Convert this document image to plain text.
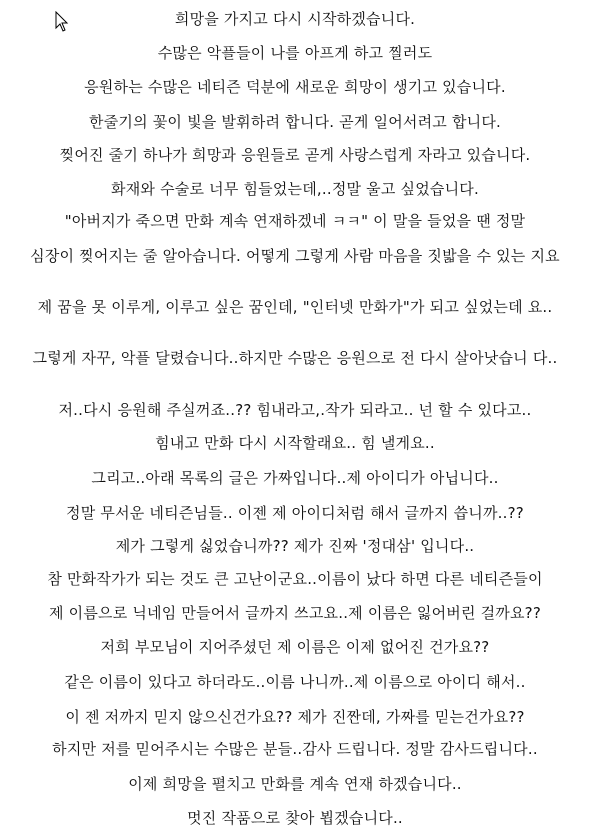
희망을 가지고 다시 시작하겠습니다.
수많은 악플들이 나를 아프게 하고 찔러도
응원하는 수많은 네티즌 덕분에 새로운 희망이 생기고 있습니다.
한줄기의 꽃이 빛을 발휘하려 합니다. 곧게 일어서려고 합니다.
찢어진 줄기 하나가 희망과 응원들로 곧게 사랑스럽게 자라고 있습니다.
화재와 수술로 너무 힘들었는데,..정말 울고 싶었습니다.
"아버지가 죽으면 만화 계속 연재하겠네 ㅋㅋ" 이 말을 들었을 땐 정말
심장이 찢어지는 줄 알아습니다. 어떻게 그렇게 사람 마음을 짓밟을 수 있는 지요
제 꿈을 못 이루게, 이루고 싶은 꿈인데, "인터넷 만화가"가 되고 싶었는데 요..
그렇게 자꾸, 악플 달렸습니다..하지만 수많은 응원으로 전 다시 살아낫습니 다..
저..다시 응원해 주실꺼죠..?? 힘내라고,.작가 되라고.. 넌 할 수 있다고..
힘내고 만화 다시 시작할래요.. 힘 낼게요..
그리고..아래 목록의 글은 가짜입니다..제 아이디가 아닙니다..
정말 무서운 네티즌님들.. 이젠 제 아이디처럼 해서 글까지 씁니까..??
제가 그렇게 싫었습니까?? 제가 진짜 '정대삼' 입니다..
참 만화작가가 되는 것도 큰 고난이군요..이름이 났다 하면 다른 네티즌들이
제 이름으로 닉네임 만들어서 글까지 쓰고요..제 이름은 잃어버린 걸까요??
저희 부모님이 지어주셨던 제 이름은 이제 없어진 건가요??
같은 이름이 있다고 하더라도..이름 나니까..제 이름으로 아이디 해서..
이 젠 저까지 믿지 않으신건가요?? 제가 진짠데, 가짜를 믿는건가요??
하지만 저를 믿어주시는 수많은 분들..감사 드립니다. 정말 감사드립니다..
이제 희망을 펼치고 만화를 계속 연재 하겠습니다..
멋진 작품으로 찾아 뵙겠습니다..
